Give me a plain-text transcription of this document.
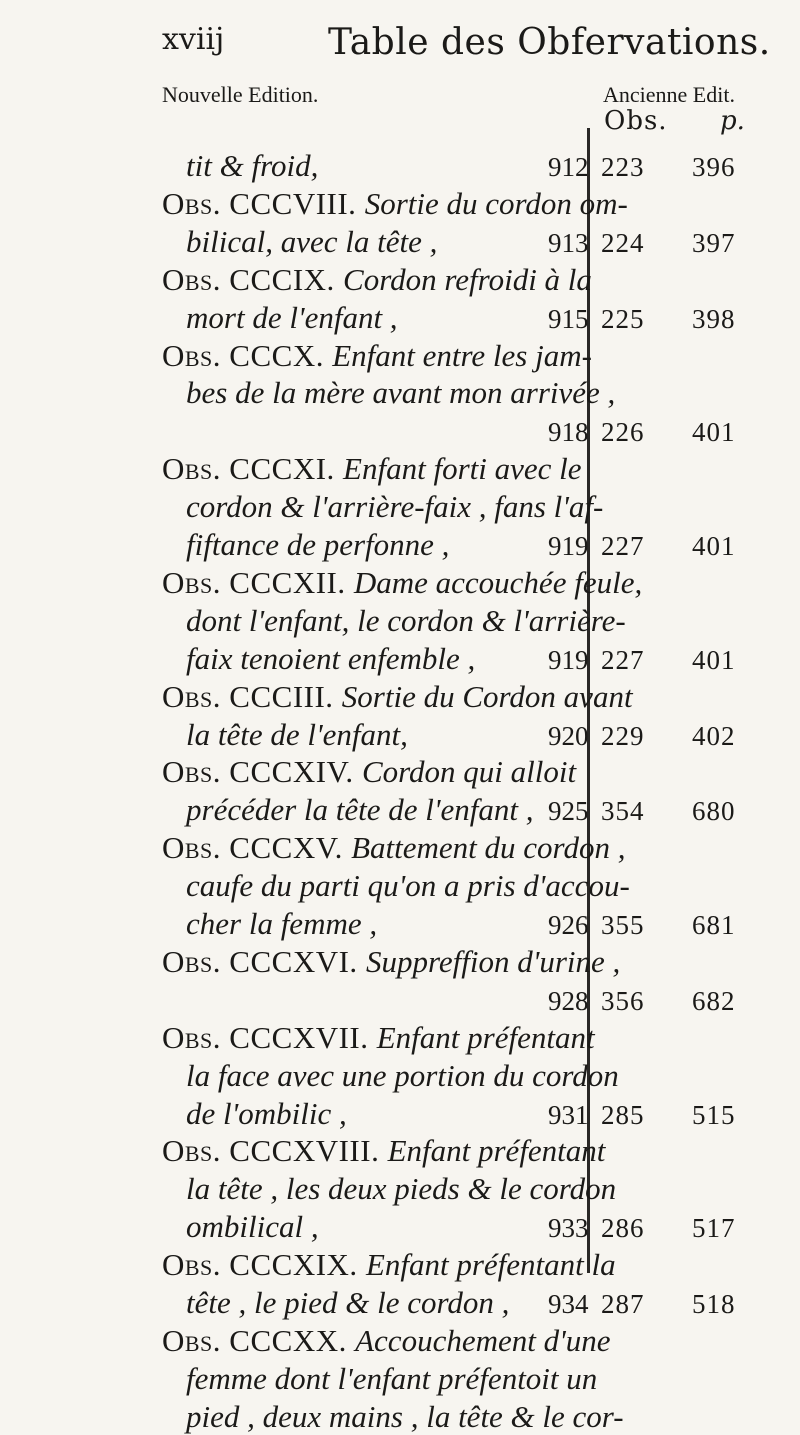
xviij	Table des Obfervations.
Nouvelle Edition.	Ancienne Edit.
Obs. p.
tit & froid,	912 223 396
Obs. CCCVIII. Sortie du cordon om-
bilical, avec la tête ,	913 224 397
Obs. CCCIX. Cordon refroidi à la
mort de l'enfant ,	915 225 398
Obs. CCCX. Enfant entre les jam-
bes de la mère avant mon arrivée ,
918 226 401
Obs. CCCXI. Enfant forti avec le
cordon & l'arrière-faix , fans l'af-
fiftance de perfonne ,	919 227 401
Obs. CCCXII. Dame accouchée feule,
dont l'enfant, le cordon & l'arrière-
faix tenoient enfemble ,	919 227 401
Obs. CCCIII. Sortie du Cordon avant
la tête de l'enfant,	920 229 402
Obs. CCCXIV. Cordon qui alloit
précéder la tête de l'enfant , 925 354 680
Obs. CCCXV. Battement du cordon ,
caufe du parti qu'on a pris d'accou-
cher la femme ,	926 355 681
Obs. CCCXVI. Suppreffion d'urine ,
928 356 682
Obs. CCCXVII. Enfant préfentant
la face avec une portion du cordon
de l'ombilic ,	931 285 515
Obs. CCCXVIII. Enfant préfentant
la tête , les deux pieds & le cordon
ombilical ,	933 286 517
Obs. CCCXIX. Enfant préfentant la
tête , le pied & le cordon , 934 287 518
Obs. CCCXX. Accouchement d'une
femme dont l'enfant préfentoit un
pied , deux mains , la tête & le cor-
